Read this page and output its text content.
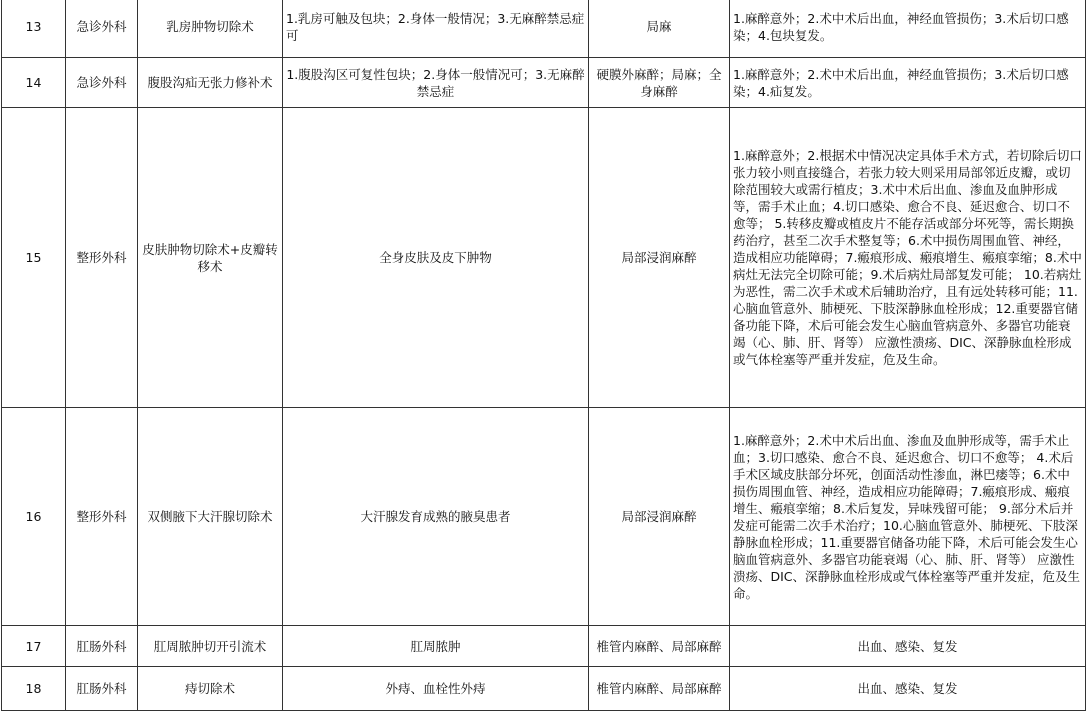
13	急诊外科	乳房肿物切除术	1.乳房可触及包块；2.身体一般情况；3.无麻醉禁忌症可	局麻	1.麻醉意外；2.术中术后出血，神经血管损伤；3.术后切口感染；4.包块复发。
14	急诊外科	腹股沟疝无张力修补术	1.腹股沟区可复性包块；2.身体一般情况可；3.无麻醉禁忌症	硬膜外麻醉；局麻；全身麻醉	1.麻醉意外；2.术中术后出血，神经血管损伤；3.术后切口感染；4.疝复发。
15	整形外科	皮肤肿物切除术+皮瓣转移术	全身皮肤及皮下肿物	局部浸润麻醉	1.麻醉意外；2.根据术中情况决定具体手术方式，若切除后切口张力较小则直接缝合，若张力较大则采用局部邻近皮瓣，或切除范围较大或需行植皮；3.术中术后出血、渗血及血肿形成等，需手术止血；4.切口感染、愈合不良、延迟愈合、切口不愈等； 5.转移皮瓣或植皮片不能存活或部分坏死等，需长期换药治疗，甚至二次手术整复等；6.术中损伤周围血管、神经，造成相应功能障碍；7.瘢痕形成、瘢痕增生、瘢痕挛缩；8.术中病灶无法完全切除可能；9.术后病灶局部复发可能； 10.若病灶为恶性，需二次手术或术后辅助治疗，且有远处转移可能；11.心脑血管意外、肺梗死、下肢深静脉血栓形成；12.重要器官储备功能下降，术后可能会发生心脑血管病意外、多器官功能衰竭（心、肺、肝、肾等） 应激性溃疡、DIC、深静脉血栓形成或气体栓塞等严重并发症，危及生命。
16	整形外科	双侧腋下大汗腺切除术	大汗腺发育成熟的腋臭患者	局部浸润麻醉	1.麻醉意外；2.术中术后出血、渗血及血肿形成等，需手术止血；3.切口感染、愈合不良、延迟愈合、切口不愈等； 4.术后手术区域皮肤部分坏死，创面活动性渗血，淋巴瘘等；6.术中损伤周围血管、神经，造成相应功能障碍；7.瘢痕形成、瘢痕增生、瘢痕挛缩；8.术后复发，异味残留可能； 9.部分术后并发症可能需二次手术治疗；10.心脑血管意外、肺梗死、下肢深静脉血栓形成；11.重要器官储备功能下降，术后可能会发生心脑血管病意外、多器官功能衰竭（心、肺、肝、肾等） 应激性溃疡、DIC、深静脉血栓形成或气体栓塞等严重并发症，危及生命。
17	肛肠外科	肛周脓肿切开引流术	肛周脓肿	椎管内麻醉、局部麻醉	出血、感染、复发
18	肛肠外科	痔切除术	外痔、血栓性外痔	椎管内麻醉、局部麻醉	出血、感染、复发
